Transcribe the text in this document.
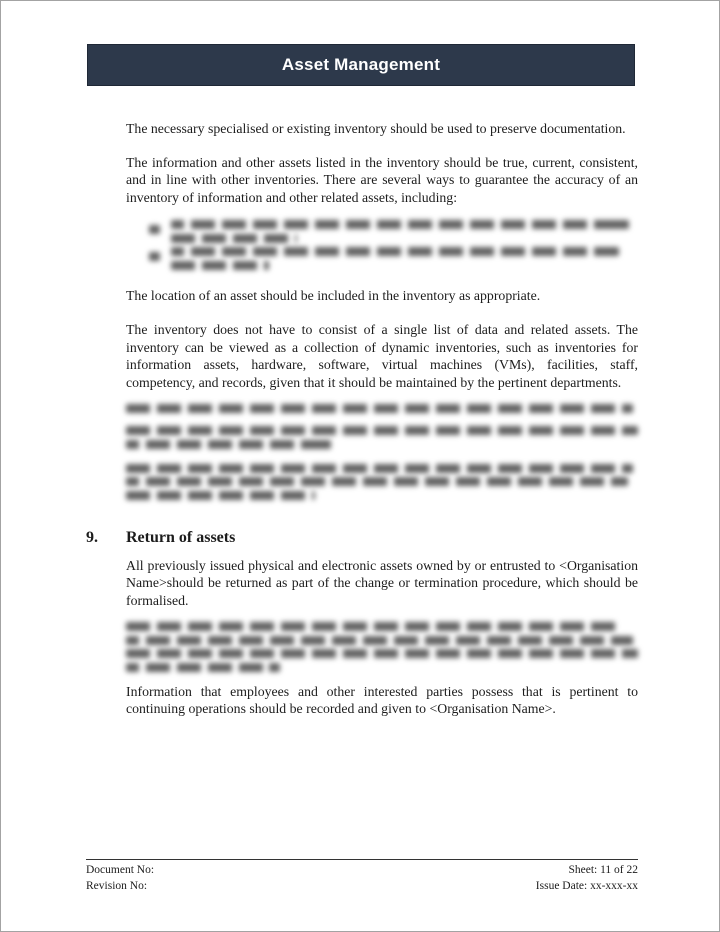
Asset Management

The necessary specialised or existing inventory should be used to preserve documentation.

The information and other assets listed in the inventory should be true, current, consistent, and in line with other inventories. There are several ways to guarantee the accuracy of an inventory of information and other related assets, including:

The location of an asset should be included in the inventory as appropriate.

The inventory does not have to consist of a single list of data and related assets. The inventory can be viewed as a collection of dynamic inventories, such as inventories for information assets, hardware, software, virtual machines (VMs), facilities, staff, competency, and records, given that it should be maintained by the pertinent departments.

9.	Return of assets

All previously issued physical and electronic assets owned by or entrusted to <Organisation Name>should be returned as part of the change or termination procedure, which should be formalised.

Information that employees and other interested parties possess that is pertinent to continuing operations should be recorded and given to <Organisation Name>.

Document No:
Revision No:
Sheet: 11 of 22
Issue Date: xx-xxx-xx
